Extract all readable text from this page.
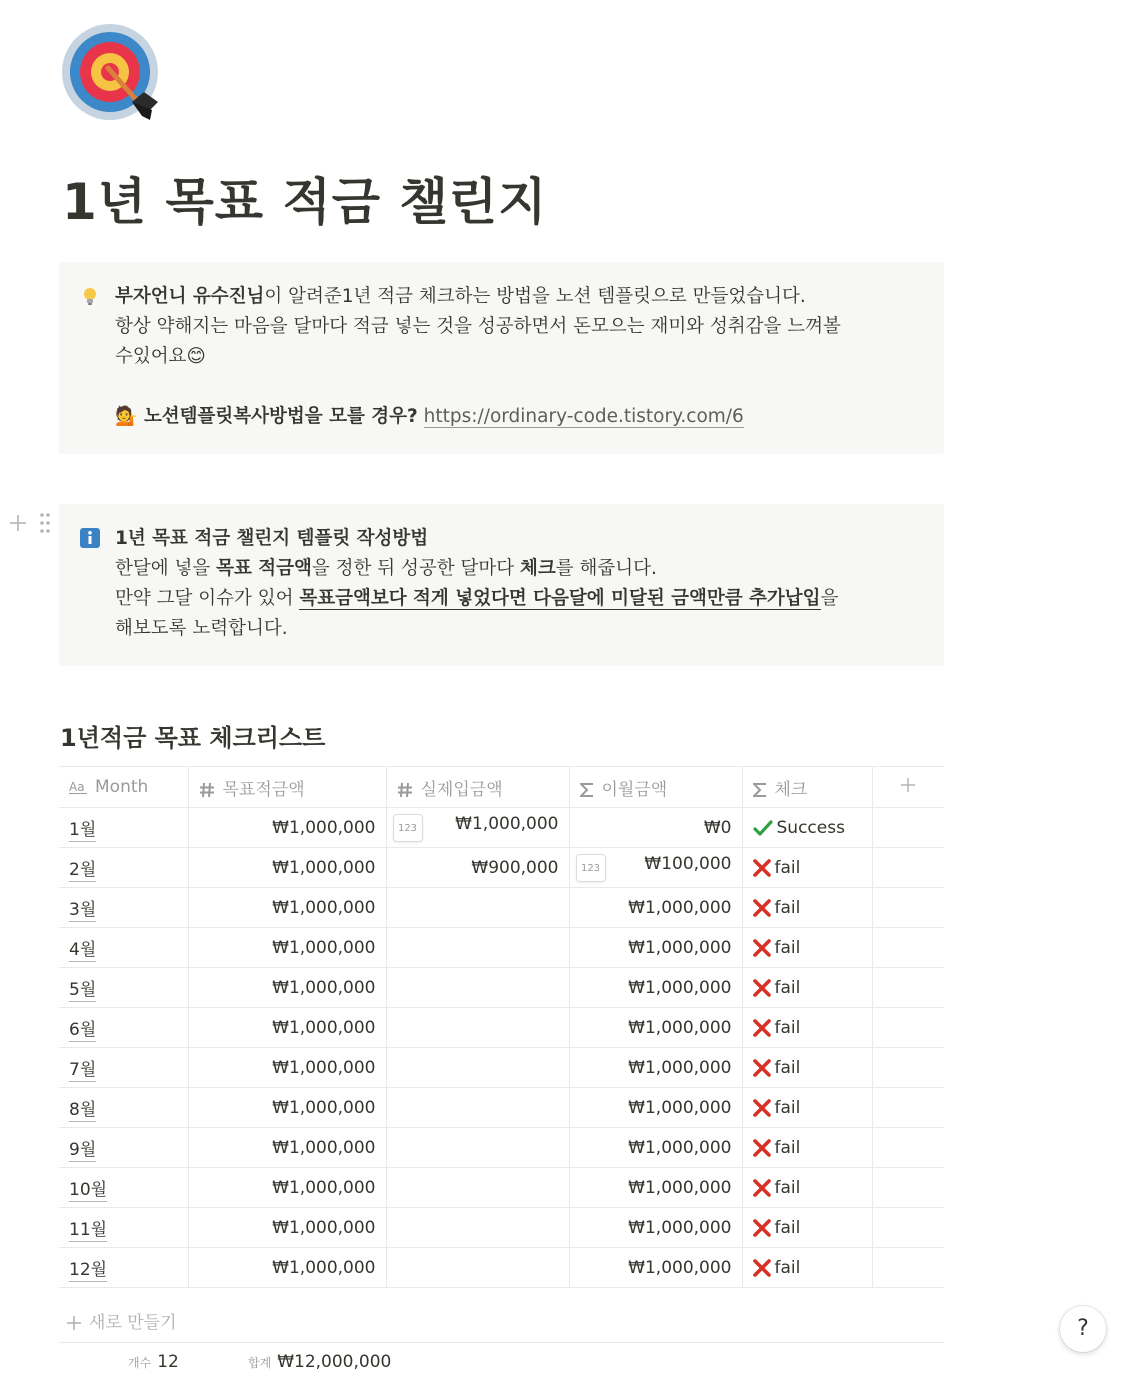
1년 목표 적금 챌린지

부자언니 유수진님이 알려준1년 적금 체크하는 방법을 노션 템플릿으로 만들었습니다.

항상 약해지는 마음을 달마다 적금 넣는 것을 성공하면서 돈모으는 재미와 성취감을 느껴볼

수있어요😊

💁 노션템플릿복사방법을 모를 경우? https://ordinary-code.tistory.com/6

1년 목표 적금 챌린지 템플릿 작성방법

한달에 넣을 목표 적금액을 정한 뒤 성공한 달마다 체크를 해줍니다.

만약 그달 이슈가 있어 목표금액보다 적게 넣었다면 다음달에 미달된 금액만큼 추가납입을

해보도록 노력합니다.

1년적금 목표 체크리스트
Aa Month	목표적금액	실제입금액	이월금액	체크	
1월	₩1,000,000	123 ₩1,000,000	₩0	Success	
2월	₩1,000,000	₩900,000	123 ₩100,000	fail	
3월	₩1,000,000		₩1,000,000	fail	
4월	₩1,000,000		₩1,000,000	fail	
5월	₩1,000,000		₩1,000,000	fail	
6월	₩1,000,000		₩1,000,000	fail	
7월	₩1,000,000		₩1,000,000	fail	
8월	₩1,000,000		₩1,000,000	fail	
9월	₩1,000,000		₩1,000,000	fail	
10월	₩1,000,000		₩1,000,000	fail	
11월	₩1,000,000		₩1,000,000	fail	
12월	₩1,000,000		₩1,000,000	fail	
새로 만들기
개수 12	합계 ₩12,000,000
?
